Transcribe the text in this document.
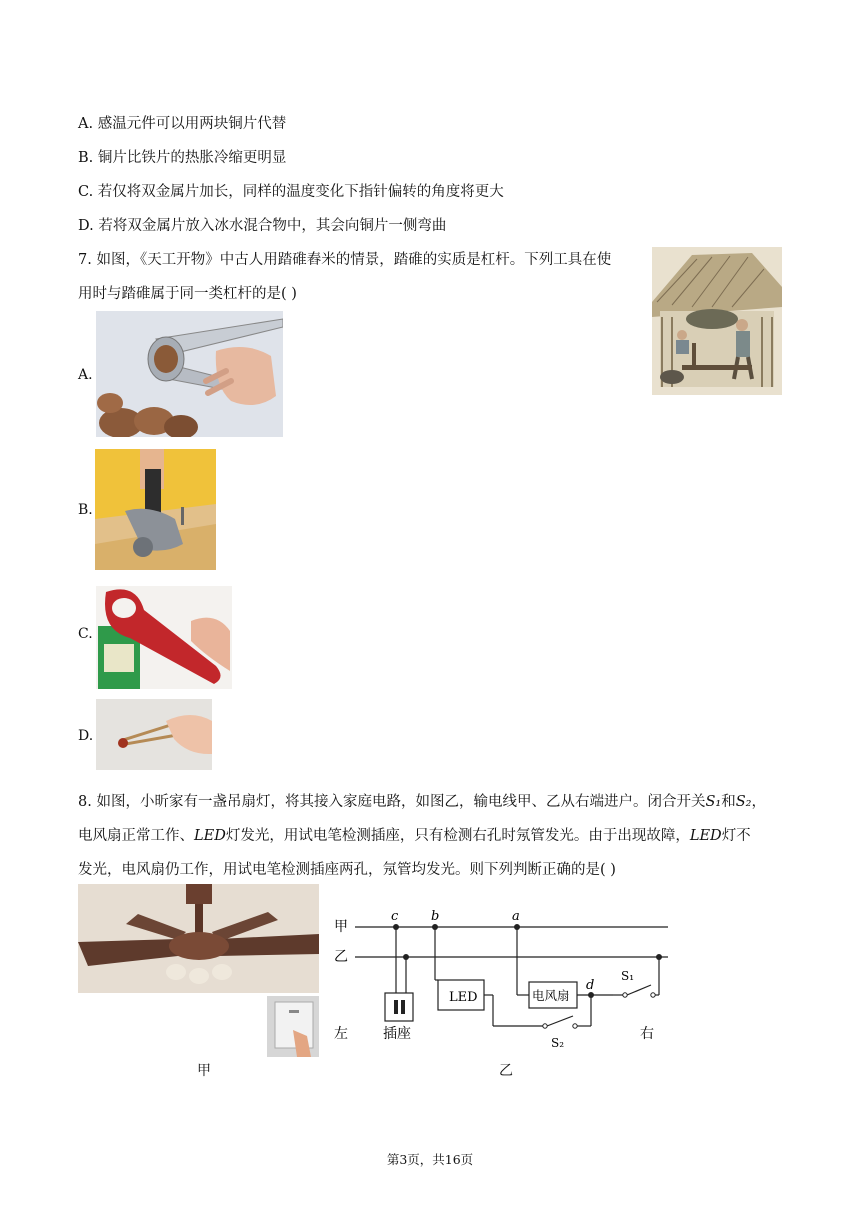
A. 感温元件可以用两块铜片代替
B. 铜片比铁片的热胀冷缩更明显
C. 若仅将双金属片加长，同样的温度变化下指针偏转的角度将更大
D. 若将双金属片放入冰水混合物中，其会向铜片一侧弯曲
7. 如图，《天工开物》中古人用踏碓舂米的情景，踏碓的实质是杠杆。下列工具在使
用时与踏碓属于同一类杠杆的是( )
A.
B.
C.
D.
8. 如图，小昕家有一盏吊扇灯，将其接入家庭电路，如图乙，输电线甲、乙从右端进户。闭合开关S₁和S₂，
电风扇正常工作、LED灯发光，用试电笔检测插座，只有检测右孔时氖管发光。由于出现故障，LED灯不
发光，电风扇仍工作，用试电笔检测插座两孔，氖管均发光。则下列判断正确的是( )
甲
乙
c	b	a
d
LED	电风扇
S₁
S₂
插座
左	右
甲	乙
第3页，共16页
